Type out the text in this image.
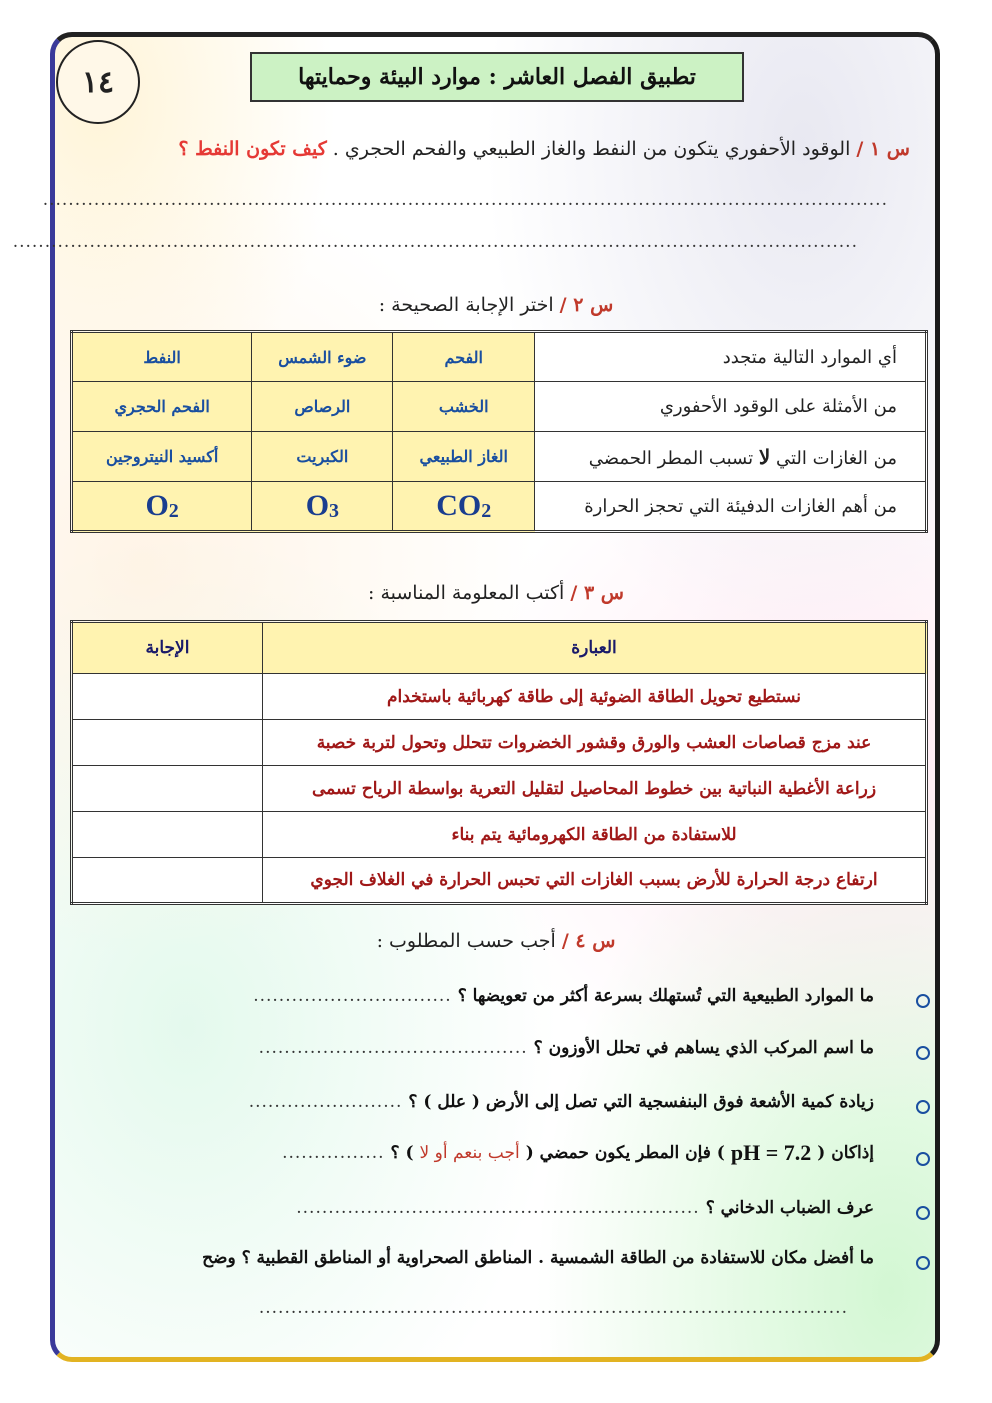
١٤	تطبيق الفصل العاشر : موارد البيئة وحمايتها
س ١ / الوقود الأحفوري يتكون من النفط والغاز الطبيعي والفحم الحجري . كيف تكون النفط ؟
....................................................................................................................................
....................................................................................................................................
س ٢ / اختر الإجابة الصحيحة :
أي الموارد التالية متجدد	الفحم	ضوء الشمس	النفط
من الأمثلة على الوقود الأحفوري	الخشب	الرصاص	الفحم الحجري
من الغازات التي لا تسبب المطر الحمضي	الغاز الطبيعي	الكبريت	أكسيد النيتروجين
من أهم الغازات الدفيئة التي تحجز الحرارة	$CO_2$	$O_3$	$O_2$
س ٣ / أكتب المعلومة المناسبة :
العبارة	الإجابة
نستطيع تحويل الطاقة الضوئية إلى طاقة كهربائية باستخدام	
عند مزج قصاصات العشب والورق وقشور الخضروات تتحلل وتحول لتربة خصبة	
زراعة الأغطية النباتية بين خطوط المحاصيل لتقليل التعرية بواسطة الرياح تسمى	
للاستفادة من الطاقة الكهرومائية يتم بناء	
ارتفاع درجة الحرارة للأرض بسبب الغازات التي تحبس الحرارة في الغلاف الجوي	
س ٤ / أجب حسب المطلوب :
ما الموارد الطبيعية التي تُستهلك بسرعة أكثر من تعويضها ؟
...............................
ما اسم المركب الذي يساهم في تحلل الأوزون ؟
..........................................
زيادة كمية الأشعة فوق البنفسجية التي تصل إلى الأرض ( علل ) ؟
........................
إذاكان (
pH = 7.2
) فإن المطر يكون حمضي (
أجب بنعم أو لا
) ؟
................
عرف الضباب الدخاني ؟
...............................................................
ما أفضل مكان للاستفادة من الطاقة الشمسية . المناطق الصحراوية أو المناطق القطبية ؟ وضح
............................................................................................
